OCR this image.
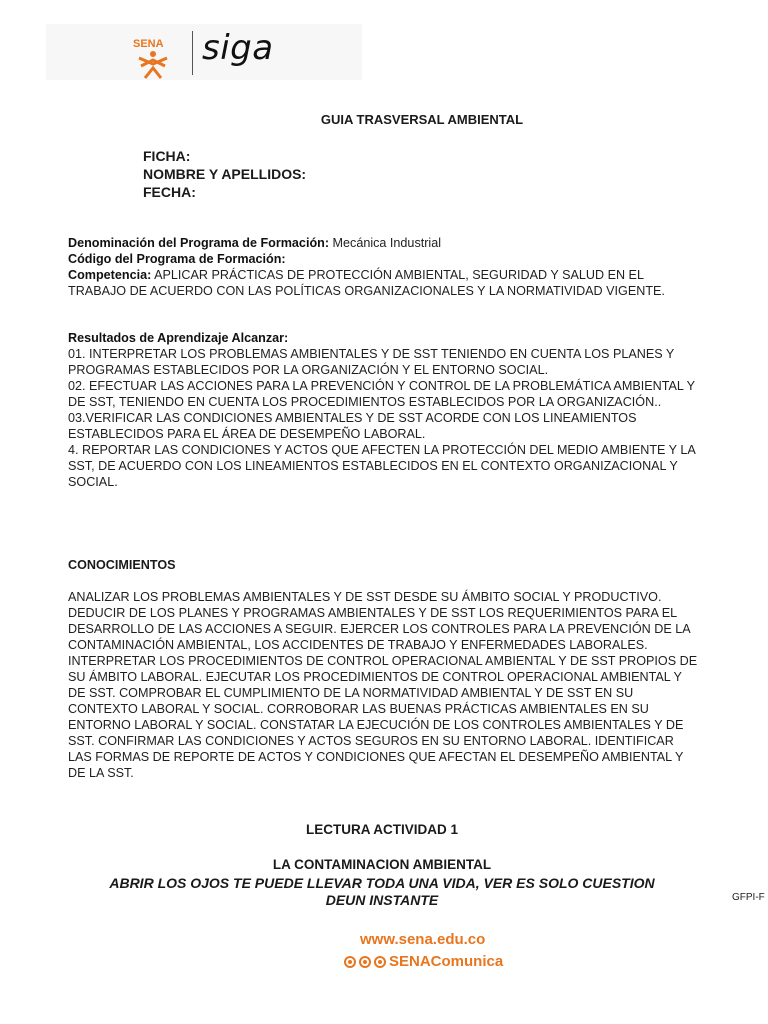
SENA siga
GUIA TRASVERSAL AMBIENTAL
FICHA:
NOMBRE Y APELLIDOS:
FECHA:
Denominación del Programa de Formación: Mecánica Industrial
Código del Programa de Formación:
Competencia: APLICAR PRÁCTICAS DE PROTECCIÓN AMBIENTAL, SEGURIDAD Y SALUD EN EL TRABAJO DE ACUERDO CON LAS POLÍTICAS ORGANIZACIONALES Y LA NORMATIVIDAD VIGENTE.
Resultados de Aprendizaje Alcanzar:
01. INTERPRETAR LOS PROBLEMAS AMBIENTALES Y DE SST TENIENDO EN CUENTA LOS PLANES Y PROGRAMAS ESTABLECIDOS POR LA ORGANIZACIÓN Y EL ENTORNO SOCIAL.
02. EFECTUAR LAS ACCIONES PARA LA PREVENCIÓN Y CONTROL DE LA PROBLEMÁTICA AMBIENTAL Y DE SST, TENIENDO EN CUENTA LOS PROCEDIMIENTOS ESTABLECIDOS POR LA ORGANIZACIÓN..
03.VERIFICAR LAS CONDICIONES AMBIENTALES Y DE SST ACORDE CON LOS LINEAMIENTOS ESTABLECIDOS PARA EL ÁREA DE DESEMPEÑO LABORAL.
4. REPORTAR LAS CONDICIONES Y ACTOS QUE AFECTEN LA PROTECCIÓN DEL MEDIO AMBIENTE Y LA SST, DE ACUERDO CON LOS LINEAMIENTOS ESTABLECIDOS EN EL CONTEXTO ORGANIZACIONAL Y SOCIAL.
CONOCIMIENTOS
ANALIZAR LOS PROBLEMAS AMBIENTALES Y DE SST DESDE SU ÁMBITO SOCIAL Y PRODUCTIVO. DEDUCIR DE LOS PLANES Y PROGRAMAS AMBIENTALES Y DE SST LOS REQUERIMIENTOS PARA EL DESARROLLO DE LAS ACCIONES A SEGUIR. EJERCER LOS CONTROLES PARA LA PREVENCIÓN DE LA CONTAMINACIÓN AMBIENTAL, LOS ACCIDENTES DE TRABAJO Y ENFERMEDADES LABORALES. INTERPRETAR LOS PROCEDIMIENTOS DE CONTROL OPERACIONAL AMBIENTAL Y DE SST PROPIOS DE SU ÁMBITO LABORAL. EJECUTAR LOS PROCEDIMIENTOS DE CONTROL OPERACIONAL AMBIENTAL Y DE SST. COMPROBAR EL CUMPLIMIENTO DE LA NORMATIVIDAD AMBIENTAL Y DE SST EN SU CONTEXTO LABORAL Y SOCIAL. CORROBORAR LAS BUENAS PRÁCTICAS AMBIENTALES EN SU ENTORNO LABORAL Y SOCIAL. CONSTATAR LA EJECUCIÓN DE LOS CONTROLES AMBIENTALES Y DE SST. CONFIRMAR LAS CONDICIONES Y ACTOS SEGUROS EN SU ENTORNO LABORAL. IDENTIFICAR LAS FORMAS DE REPORTE DE ACTOS Y CONDICIONES QUE AFECTAN EL DESEMPEÑO AMBIENTAL Y DE LA SST.
LECTURA ACTIVIDAD 1
LA CONTAMINACION AMBIENTAL
ABRIR LOS OJOS TE PUEDE LLEVAR TODA UNA VIDA, VER ES SOLO CUESTION
DEUN INSTANTE	GFPI-F
www.sena.edu.co
SENAComunica
